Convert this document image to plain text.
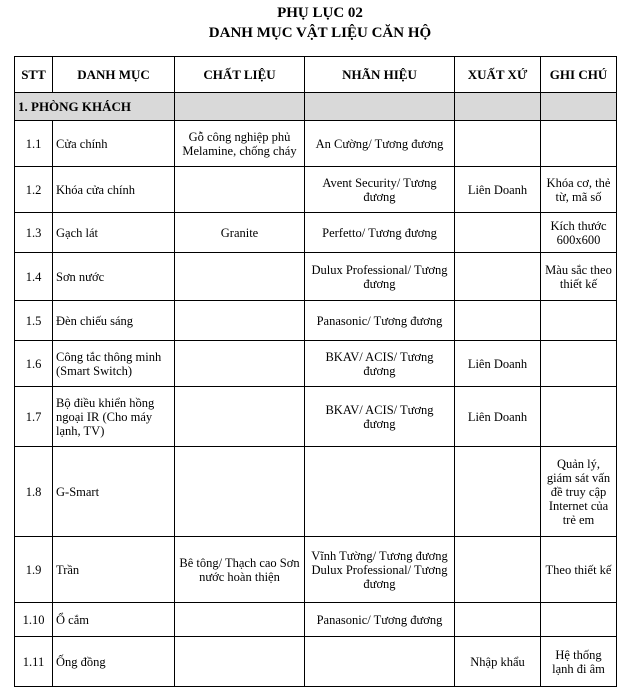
PHỤ LỤC 02
DANH MỤC VẬT LIỆU CĂN HỘ
STT	DANH MỤC	CHẤT LIỆU	NHÃN HIỆU	XUẤT XỨ	GHI CHÚ
1. PHÒNG KHÁCH					
1.1	Cửa chính	Gỗ công nghiệp phủ Melamine, chống cháy	An Cường/ Tương đương		
1.2	Khóa cửa chính		Avent Security/ Tương đương	Liên Doanh	Khóa cơ, thẻ từ, mã số
1.3	Gạch lát	Granite	Perfetto/ Tương đương		Kích thước 600x600
1.4	Sơn nước		Dulux Professional/ Tương đương		Màu sắc theo thiết kế
1.5	Đèn chiếu sáng		Panasonic/ Tương đương		
1.6	Công tắc thông minh (Smart Switch)		BKAV/ ACIS/ Tương đương	Liên Doanh	
1.7	Bộ điều khiển hồng ngoại IR (Cho máy lạnh, TV)		BKAV/ ACIS/ Tương đương	Liên Doanh	
1.8	G-Smart				Quản lý, giám sát vấn đề truy cập Internet của trẻ em
1.9	Trần	Bê tông/ Thạch cao Sơn nước hoàn thiện	Vĩnh Tường/ Tương đương Dulux Professional/ Tương đương		Theo thiết kế
1.10	Ổ cắm		Panasonic/ Tương đương		
1.11	Ống đồng			Nhập khẩu	Hệ thống lạnh đi âm
